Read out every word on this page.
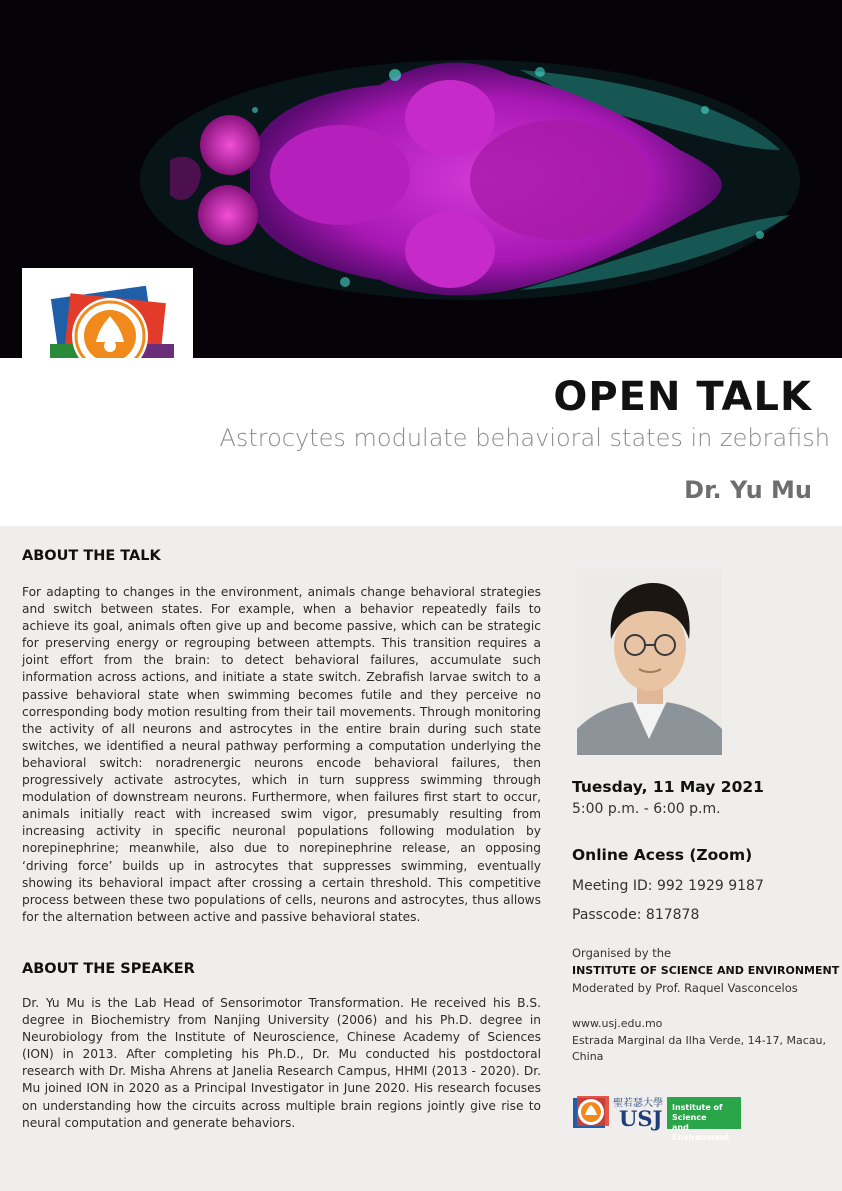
OPEN TALK
Astrocytes modulate behavioral states in zebrafish
Dr. Yu Mu
ABOUT THE TALK

For adapting to changes in the environment, animals change behavioral strategies and switch between states. For example, when a behavior repeatedly fails to achieve its goal, animals often give up and become passive, which can be strategic for preserving energy or regrouping between attempts. This transition requires a joint effort from the brain: to detect behavioral failures, accumulate such information across actions, and initiate a state switch. Zebrafish larvae switch to a passive behavioral state when swimming becomes futile and they perceive no corresponding body motion resulting from their tail movements. Through monitoring the activity of all neurons and astrocytes in the entire brain during such state switches, we identified a neural pathway performing a computation underlying the behavioral switch: noradrenergic neurons encode behavioral failures, then progressively activate astrocytes, which in turn suppress swimming through modulation of downstream neurons. Furthermore, when failures first start to occur, animals initially react with increased swim vigor, presumably resulting from increasing activity in specific neuronal populations following modulation by norepinephrine; meanwhile, also due to norepinephrine release, an opposing ‘driving force’ builds up in astrocytes that suppresses swimming, eventually showing its behavioral impact after crossing a certain threshold. This competitive process between these two populations of cells, neurons and astrocytes, thus allows for the alternation between active and passive behavioral states.

ABOUT THE SPEAKER

Dr. Yu Mu is the Lab Head of Sensorimotor Transformation. He received his B.S. degree in Biochemistry from Nanjing University (2006) and his Ph.D. degree in Neurobiology from the Institute of Neuroscience, Chinese Academy of Sciences (ION) in 2013. After completing his Ph.D., Dr. Mu conducted his postdoctoral research with Dr. Misha Ahrens at Janelia Research Campus, HHMI (2013 - 2020). Dr. Mu joined ION in 2020 as a Principal Investigator in June 2020. His research focuses on understanding how the circuits across multiple brain regions jointly give rise to neural computation and generate behaviors.

Tuesday, 11 May 2021
5:00 p.m. - 6:00 p.m.
Online Acess (Zoom)
Meeting ID: 992 1929 9187
Passcode: 817878
Organised by the
INSTITUTE OF SCIENCE AND ENVIRONMENT
Moderated by Prof. Raquel Vasconcelos
www.usj.edu.mo
Estrada Marginal da Ilha Verde, 14-17, Macau, China
聖若瑟大學
USJ Institute of Science
and Environment
